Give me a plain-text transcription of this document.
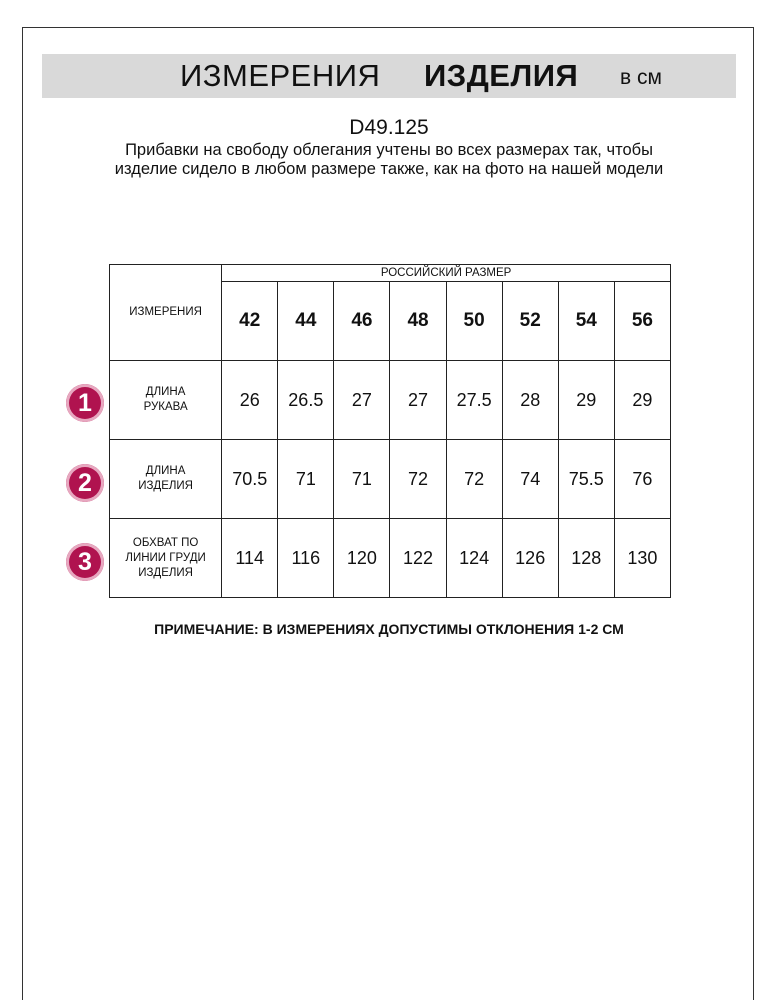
ИЗМЕРЕНИЯ ИЗДЕЛИЯ в см
D49.125
Прибавки на свободу облегания учтены во всех размерах так, чтобы изделие сидело в любом размере также, как на фото на нашей модели
ИЗМЕРЕНИЯ	РОССИЙСКИЙ РАЗМЕР							
	42	44	46	48	50	52	54	56
ДЛИНА РУКАВА	26	26.5	27	27	27.5	28	29	29
ДЛИНА ИЗДЕЛИЯ	70.5	71	71	72	72	74	75.5	76
ОБХВАТ ПО ЛИНИИ ГРУДИ ИЗДЕЛИЯ	114	116	120	122	124	126	128	130
1
2
3
ПРИМЕЧАНИЕ: В ИЗМЕРЕНИЯХ ДОПУСТИМЫ ОТКЛОНЕНИЯ 1-2 СМ
